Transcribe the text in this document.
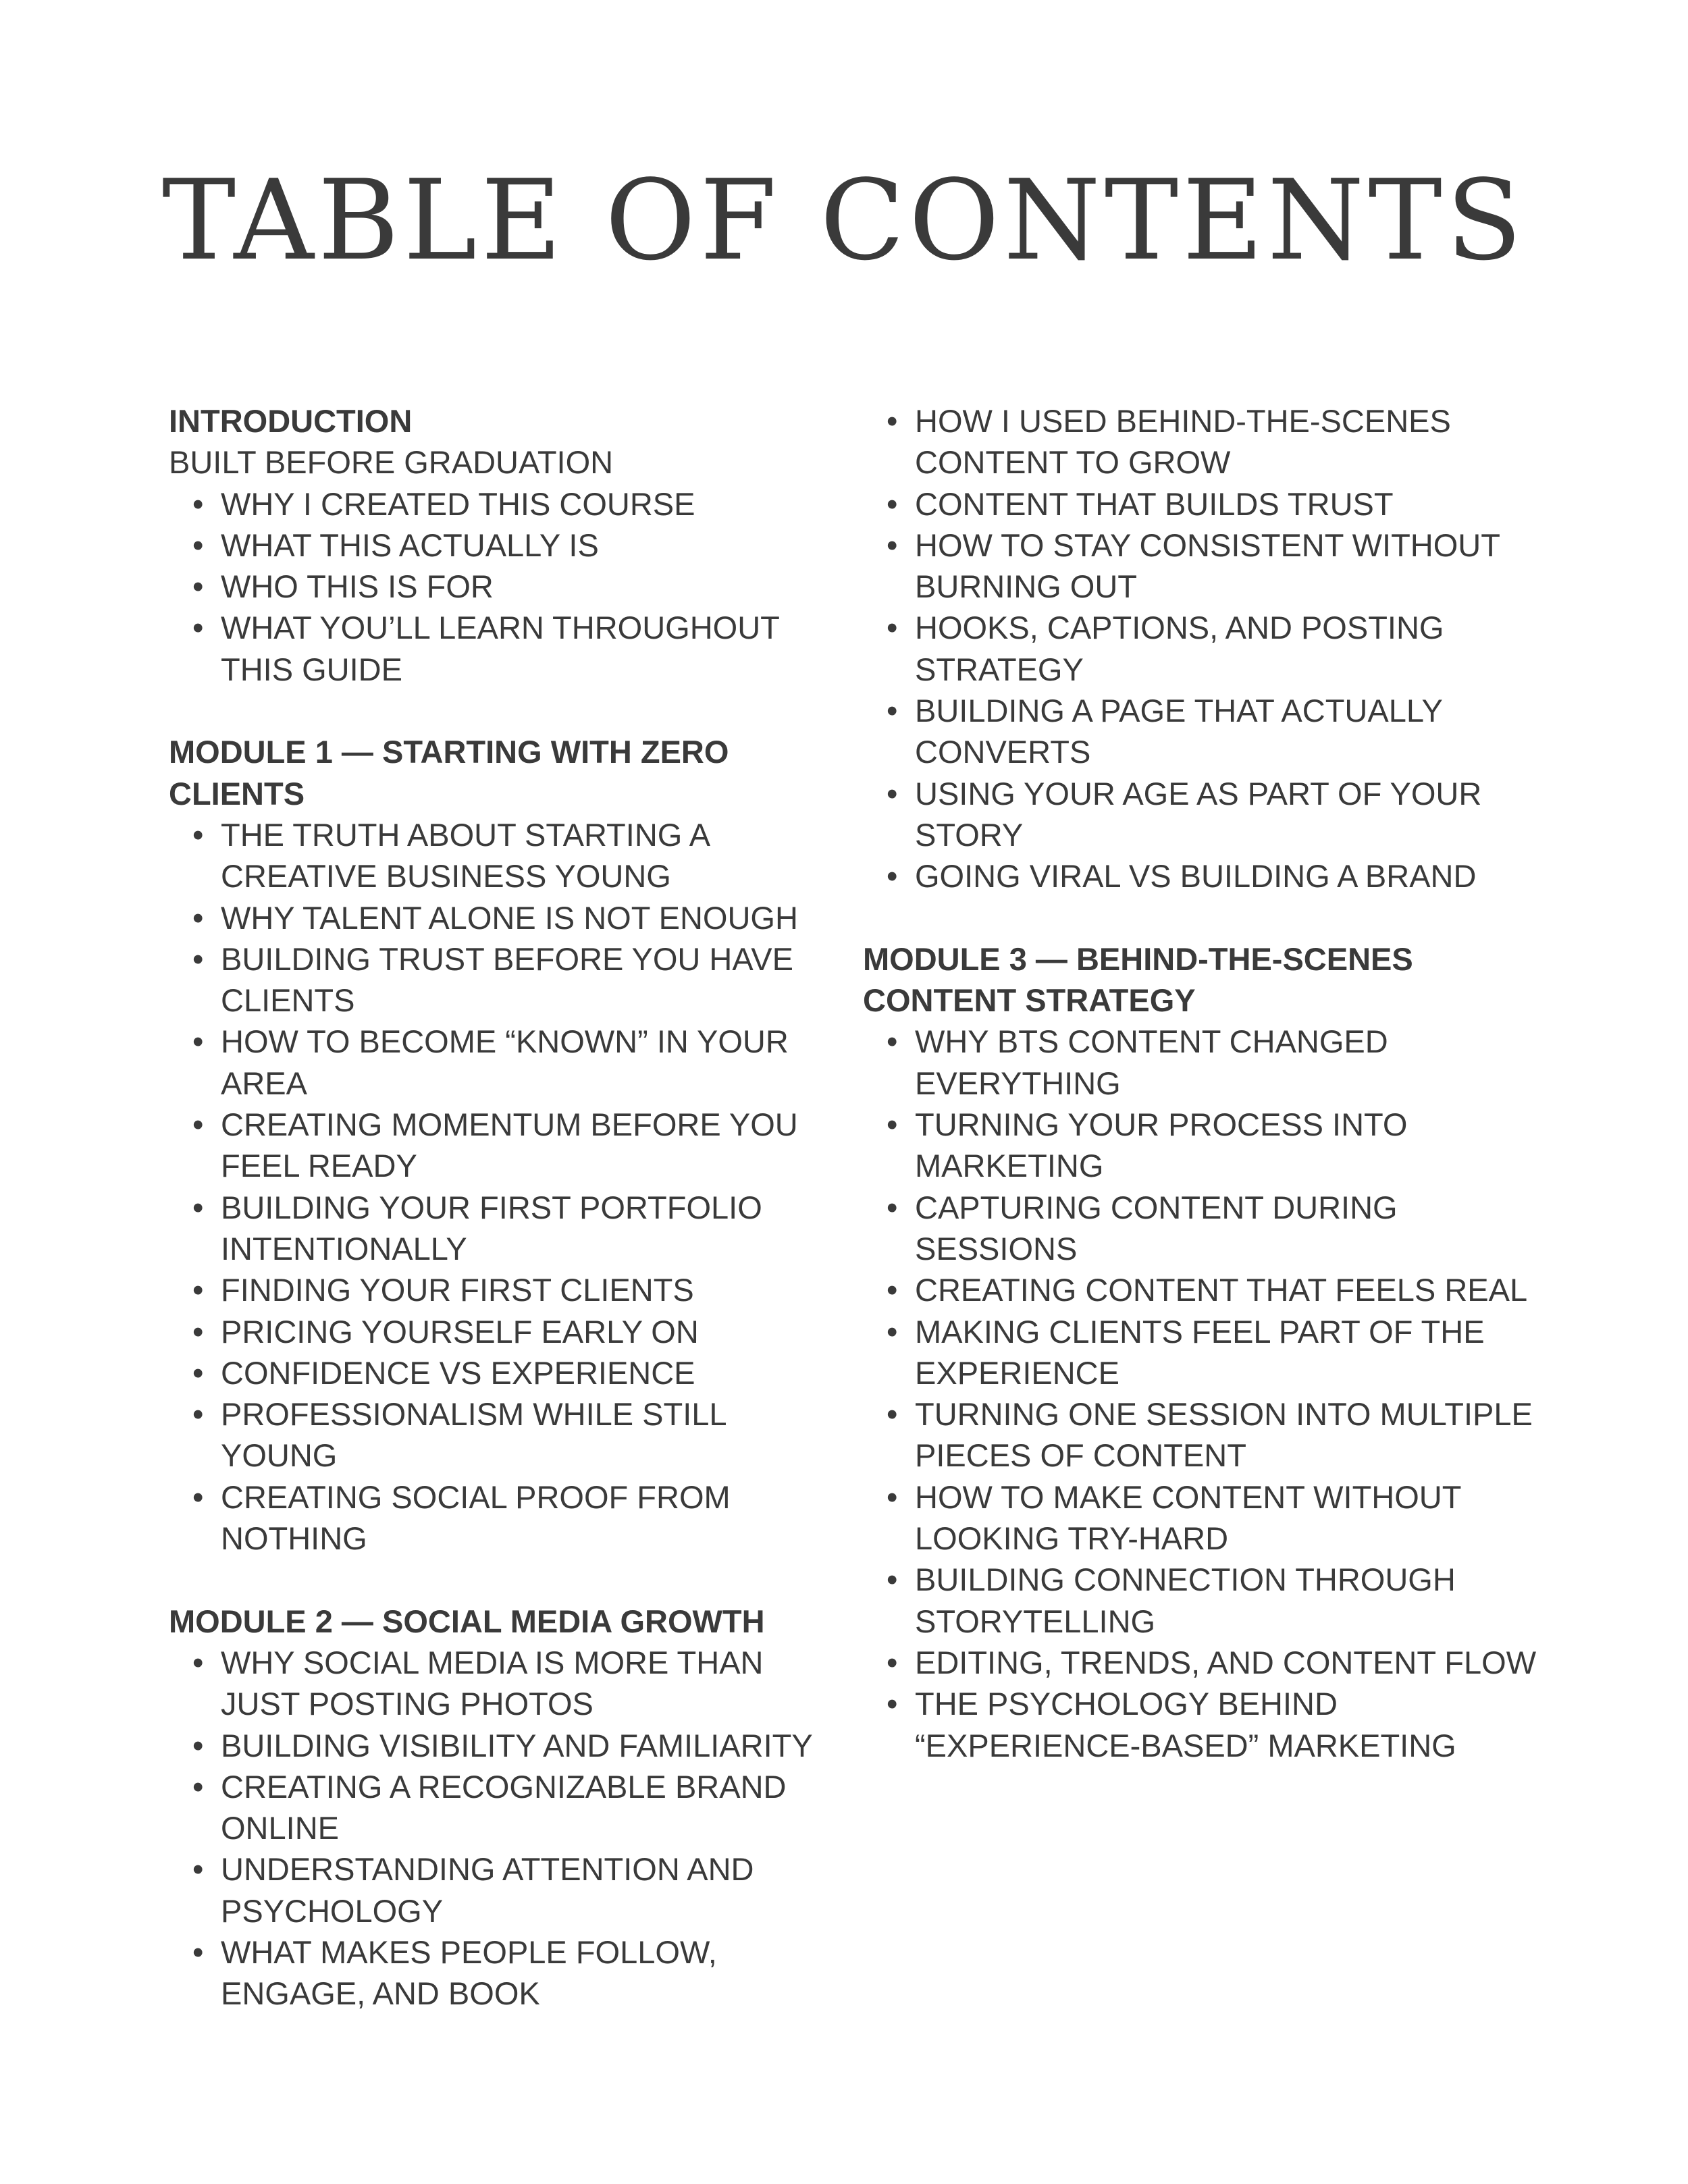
TABLE OF CONTENTS
INTRODUCTION
BUILT BEFORE GRADUATION
• WHY I CREATED THIS COURSE
• WHAT THIS ACTUALLY IS
• WHO THIS IS FOR
• WHAT YOU’LL LEARN THROUGHOUT THIS GUIDE
MODULE 1 — STARTING WITH ZERO CLIENTS
• THE TRUTH ABOUT STARTING A CREATIVE BUSINESS YOUNG
• WHY TALENT ALONE IS NOT ENOUGH
• BUILDING TRUST BEFORE YOU HAVE CLIENTS
• HOW TO BECOME “KNOWN” IN YOUR AREA
• CREATING MOMENTUM BEFORE YOU FEEL READY
• BUILDING YOUR FIRST PORTFOLIO INTENTIONALLY
• FINDING YOUR FIRST CLIENTS
• PRICING YOURSELF EARLY ON
• CONFIDENCE VS EXPERIENCE
• PROFESSIONALISM WHILE STILL YOUNG
• CREATING SOCIAL PROOF FROM NOTHING
MODULE 2 — SOCIAL MEDIA GROWTH
• WHY SOCIAL MEDIA IS MORE THAN JUST POSTING PHOTOS
• BUILDING VISIBILITY AND FAMILIARITY
• CREATING A RECOGNIZABLE BRAND ONLINE
• UNDERSTANDING ATTENTION AND PSYCHOLOGY
• WHAT MAKES PEOPLE FOLLOW, ENGAGE, AND BOOK
• HOW I USED BEHIND-THE-SCENES CONTENT TO GROW
• CONTENT THAT BUILDS TRUST
• HOW TO STAY CONSISTENT WITHOUT BURNING OUT
• HOOKS, CAPTIONS, AND POSTING STRATEGY
• BUILDING A PAGE THAT ACTUALLY CONVERTS
• USING YOUR AGE AS PART OF YOUR STORY
• GOING VIRAL VS BUILDING A BRAND
MODULE 3 — BEHIND-THE-SCENES CONTENT STRATEGY
• WHY BTS CONTENT CHANGED EVERYTHING
• TURNING YOUR PROCESS INTO MARKETING
• CAPTURING CONTENT DURING SESSIONS
• CREATING CONTENT THAT FEELS REAL
• MAKING CLIENTS FEEL PART OF THE EXPERIENCE
• TURNING ONE SESSION INTO MULTIPLE PIECES OF CONTENT
• HOW TO MAKE CONTENT WITHOUT LOOKING TRY-HARD
• BUILDING CONNECTION THROUGH STORYTELLING
• EDITING, TRENDS, AND CONTENT FLOW
• THE PSYCHOLOGY BEHIND “EXPERIENCE-BASED” MARKETING
